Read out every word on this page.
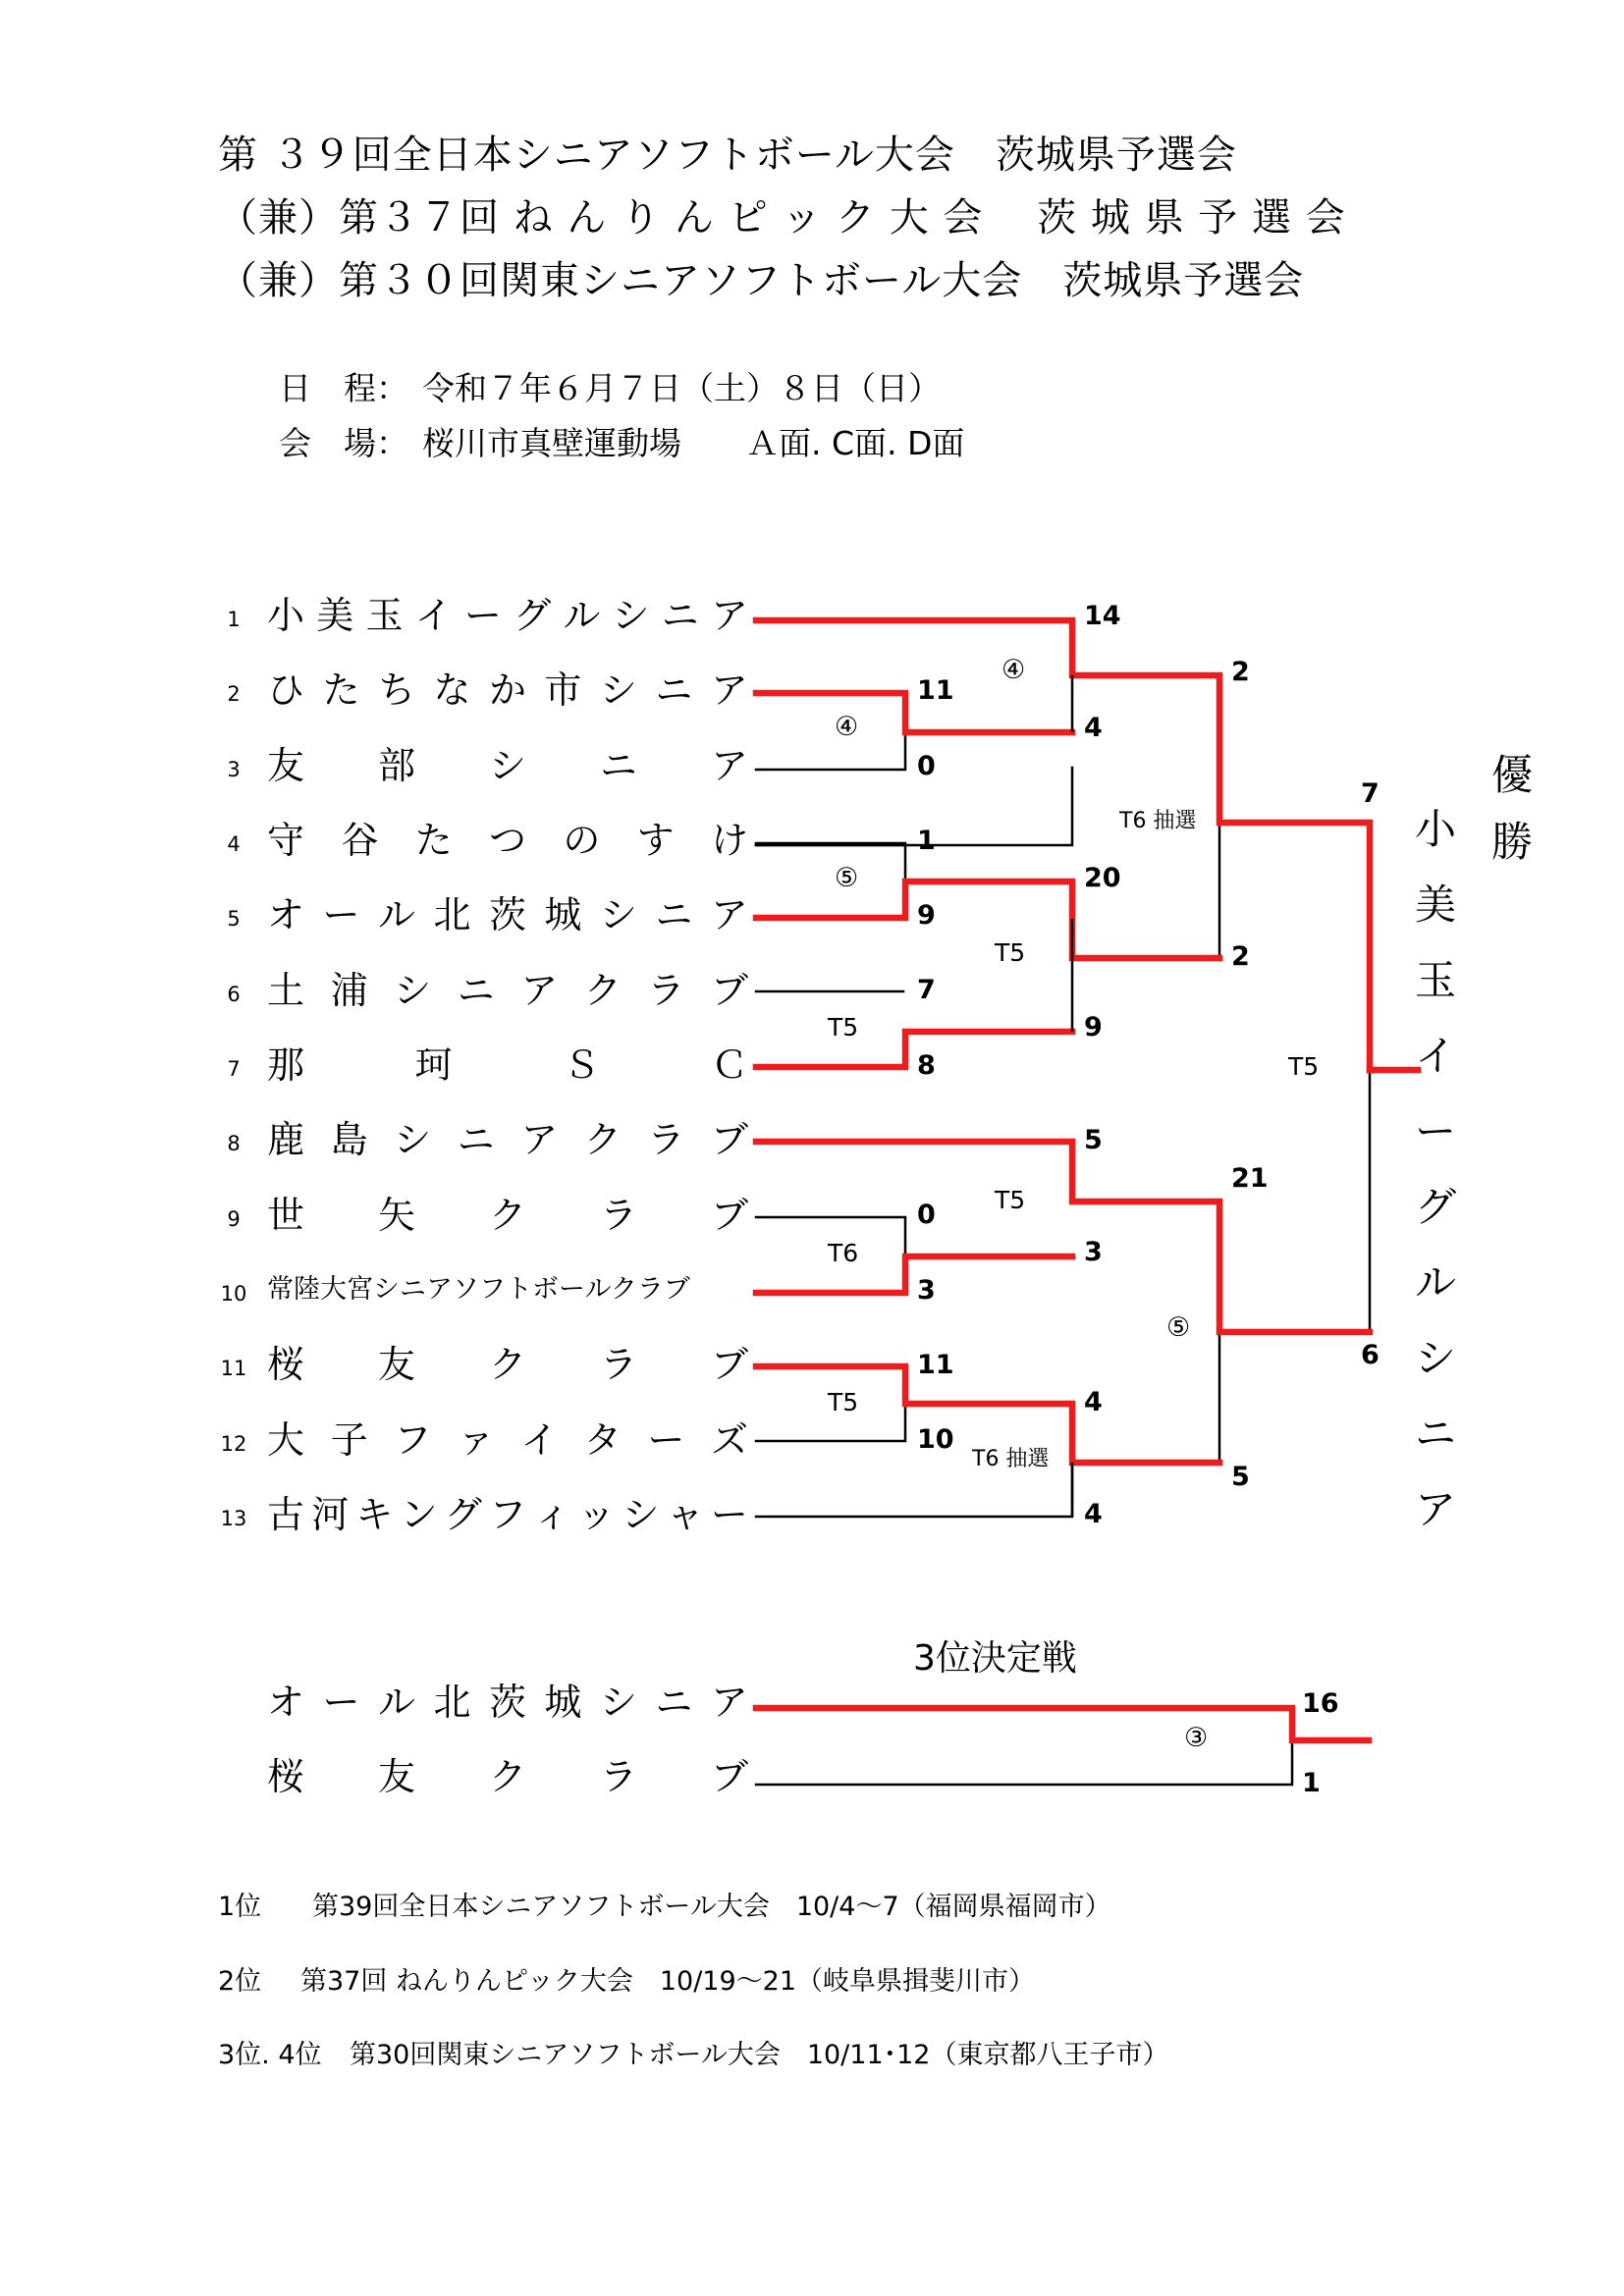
第 ３９回全日本シニアソフトボール大会　茨城県予選会
（兼）第３７回 ね ん り ん ピ ッ ク 大 会　 茨 城 県 予 選 会
（兼）第３０回関東シニアソフトボール大会　茨城県予選会
日　程： 令和７年６月７日（土）８日（日）
会　場： 桜川市真壁運動場　　Ａ面. C面. D面
1 小 美 玉 イ ー グ ル シ ニ ア
2 ひ た ち な か 市 シ ニ ア
3 友 部 シ ニ ア
4 守 谷 た つ の す け
5 オ ー ル 北 茨 城 シ ニ ア
6 土 浦 シ ニ ア ク ラ ブ
7 那	珂	Ｓ	Ｃ
8 鹿 島 シ ニ ア ク ラ ブ
9 世 矢 ク ラ ブ
10 常陸大宮シニアソフトボールクラブ
11 桜 友 ク ラ ブ
12 大 子 フ ァ イ タ ー ズ
13 古 河 キ ン グ フ ィ ッ シ ャ ー
14
4
11
0
1
9
20
9
7
8
5
3
0
3
11
10
4
4
2
2
21
5
7
6
④
④
⑤
T5
T5
T5
T6
T5
T6 抽選
T6 抽選
⑤
T5
優勝
小美玉イーグルシニア
3位決定戦
オ ー ル 北 茨 城 シ ニ ア
桜 友 ク ラ ブ
16
1
③
1位 第39回全日本シニアソフトボール大会　10/4～7（福岡県福岡市）
2位 第37回 ねんりんピック大会　10/19～21（岐阜県揖斐川市）
3位. 4位 第30回関東シニアソフトボール大会　10/11･12（東京都八王子市）
